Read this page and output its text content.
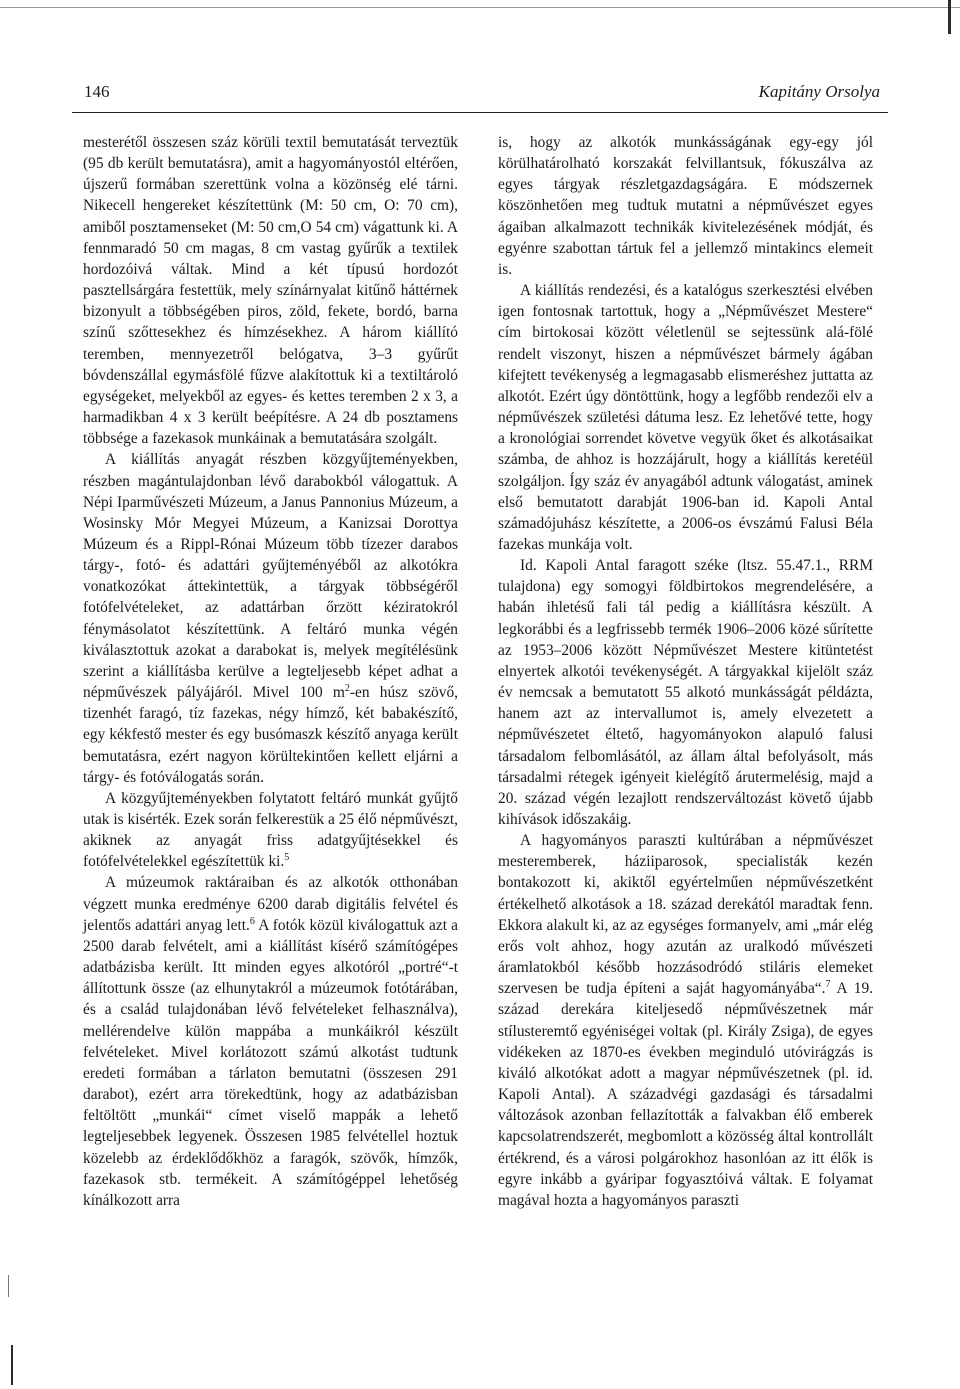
146	Kapitány Orsolya

mesterétől összesen száz körüli textil bemutatását terveztük (95 db került bemutatásra), amit a hagyományostól eltérően, újszerű formában szerettünk volna a közönség elé tárni. Nikecell hengereket készítettünk (M: 50 cm, O: 70 cm), amiből posztamenseket (M: 50 cm,O 54 cm) vágattunk ki. A fennmaradó 50 cm magas, 8 cm vastag gyűrűk a textilek hordozóivá váltak. Mind a két típusú hordozót pasztellsárgára festettük, mely színárnyalat kitűnő háttérnek bizonyult a többségében piros, zöld, fekete, bordó, barna színű szőttesekhez és hímzésekhez. A három kiállító teremben, mennyezetről belógatva, 3–3 gyűrűt bóvdenszállal egymásfölé fűzve alakítottuk ki a textiltároló egységeket, melyekből az egyes- és kettes teremben 2 x 3, a harmadikban 4 x 3 került beépítésre. A 24 db posztamens többsége a fazekasok munkáinak a bemutatására szolgált.

A kiállítás anyagát részben közgyűjteményekben, részben magántulajdonban lévő darabokból válogattuk. A Népi Iparművészeti Múzeum, a Janus Pannonius Múzeum, a Wosinsky Mór Megyei Múzeum, a Kanizsai Dorottya Múzeum és a Rippl-Rónai Múzeum több tízezer darabos tárgy-, fotó- és adattári gyűjteményéből az alkotókra vonatkozókat áttekintettük, a tárgyak többségéről fotófelvételeket, az adattárban őrzött kéziratokról fénymásolatot készítettünk. A feltáró munka végén kiválasztottuk azokat a darabokat is, melyek megítélésünk szerint a kiállításba kerülve a legteljesebb képet adhat a népművészek pályájáról. Mivel 100 $m^2-en$ húsz szövő, tizenhét faragó, tíz fazekas, négy hímző, két babakészítő, egy kékfestő mester és egy busómaszk készítő anyaga került bemutatásra, ezért nagyon körültekintően kellett eljárni a tárgy- és fotóválogatás során.

A közgyűjteményekben folytatott feltáró munkát gyűjtő utak is kisérték. Ezek során felkerestük a 25 élő népművészt, akiknek az anyagát friss adatgyűjtésekkel és fotófelvételekkel egészítettük ki.$^5$

A múzeumok raktáraiban és az alkotók otthonában végzett munka eredménye 6200 darab digitális felvétel és jelentős adattári anyag lett.$^6$ A fotók közül kiválogattuk azt a 2500 darab felvételt, ami a kiállítást kísérő számítógépes adatbázisba került. Itt minden egyes alkotóról „portré“-t állítottunk össze (az elhunytakról a múzeumok fotótárában, és a család tulajdonában lévő felvételeket felhasználva), mellérendelve külön mappába a munkáikról készült felvételeket. Mivel korlátozott számú alkotást tudtunk eredeti formában a tárlaton bemutatni (összesen 291 darabot), ezért arra törekedtünk, hogy az adatbázisban feltöltött „munkái“ címet viselő mappák a lehető legteljesebbek legyenek. Összesen 1985 felvétellel hoztuk közelebb az érdeklődőkhöz a faragók, szövők, hímzők, fazekasok stb. termékeit. A számítógéppel lehetőség kínálkozott arra

is, hogy az alkotók munkásságának egy-egy jól körülhatárolható korszakát felvillantsuk, fókuszálva az egyes tárgyak részletgazdagságára. E módszernek köszönhetően meg tudtuk mutatni a népművészet egyes ágaiban alkalmazott technikák kivitelezésének módját, és egyénre szabottan tártuk fel a jellemző mintakincs elemeit is.

A kiállítás rendezési, és a katalógus szerkesztési elvében igen fontosnak tartottuk, hogy a „Népművészet Mestere“ cím birtokosai között véletlenül se sejtessünk alá-fölé rendelt viszonyt, hiszen a népművészet bármely ágában kifejtett tevékenység a legmagasabb elismeréshez juttatta az alkotót. Ezért úgy döntöttünk, hogy a legfőbb rendezői elv a népművészek születési dátuma lesz. Ez lehetővé tette, hogy a kronológiai sorrendet követve vegyük őket és alkotásaikat számba, de ahhoz is hozzájárult, hogy a kiállítás keretéül szolgáljon. Így száz év anyagából adtunk válogatást, aminek első bemutatott darabját 1906-ban id. Kapoli Antal számadójuhász készítette, a 2006-os évszámú Falusi Béla fazekas munkája volt.

Id. Kapoli Antal faragott széke (ltsz. 55.47.1., RRM tulajdona) egy somogyi földbirtokos megrendelésére, a habán ihletésű fali tál pedig a kiállításra készült. A legkorábbi és a legfrissebb termék 1906–2006 közé sűrítette az 1953–2006 között Népművészet Mestere kitüntetést elnyertek alkotói tevékenységét. A tárgyakkal kijelölt száz év nemcsak a bemutatott 55 alkotó munkásságát példázta, hanem azt az intervallumot is, amely elvezetett a népművészetet éltető, hagyományokon alapuló falusi társadalom felbomlásától, az állam által befolyásolt, más társadalmi rétegek igényeit kielégítő árutermelésig, majd a 20. század végén lezajlott rendszerváltozást követő újabb kihívások időszakáig.

A hagyományos paraszti kultúrában a népművészet mesteremberek, háziiparosok, specialisták kezén bontakozott ki, akiktől egyértelműen népművészetként értékelhető alkotások a 18. század derekától maradtak fenn. Ekkora alakult ki, az az egységes formanyelv, ami „már elég erős volt ahhoz, hogy azután az uralkodó művészeti áramlatokból később hozzásodródó stiláris elemeket szervesen be tudja építeni a saját hagyományába“.$^7$ A 19. század derekára kiteljesedő népművészetnek már stílusteremtő egyéniségei voltak (pl. Király Zsiga), de egyes vidékeken az 1870-es években meginduló utóvirágzás is kiváló alkotókat adott a magyar népművészetnek (pl. id. Kapoli Antal). A századvégi gazdasági és társadalmi változások azonban fellazították a falvakban élő emberek kapcsolatrendszerét, megbomlott a közösség által kontrollált értékrend, és a városi polgárokhoz hasonlóan az itt élők is egyre inkább a gyáripar fogyasztóivá váltak. E folyamat magával hozta a hagyományos paraszti
